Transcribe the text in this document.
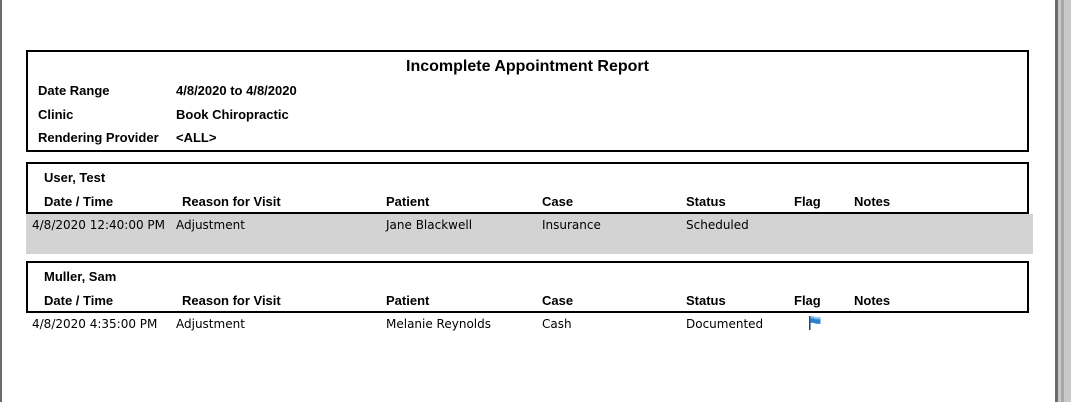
Incomplete Appointment Report
Date Range	4/8/2020 to 4/8/2020
Clinic	Book Chiropractic
Rendering Provider <ALL>
User, Test
Date / Time	Reason for Visit	Patient	Case	Status	Flag	Notes
4/8/2020 12:40:00 PM Adjustment	Jane Blackwell	Insurance	Scheduled
Muller, Sam
Date / Time	Reason for Visit	Patient	Case	Status	Flag	Notes
4/8/2020 4:35:00 PM Adjustment	Melanie Reynolds	Cash	Documented
